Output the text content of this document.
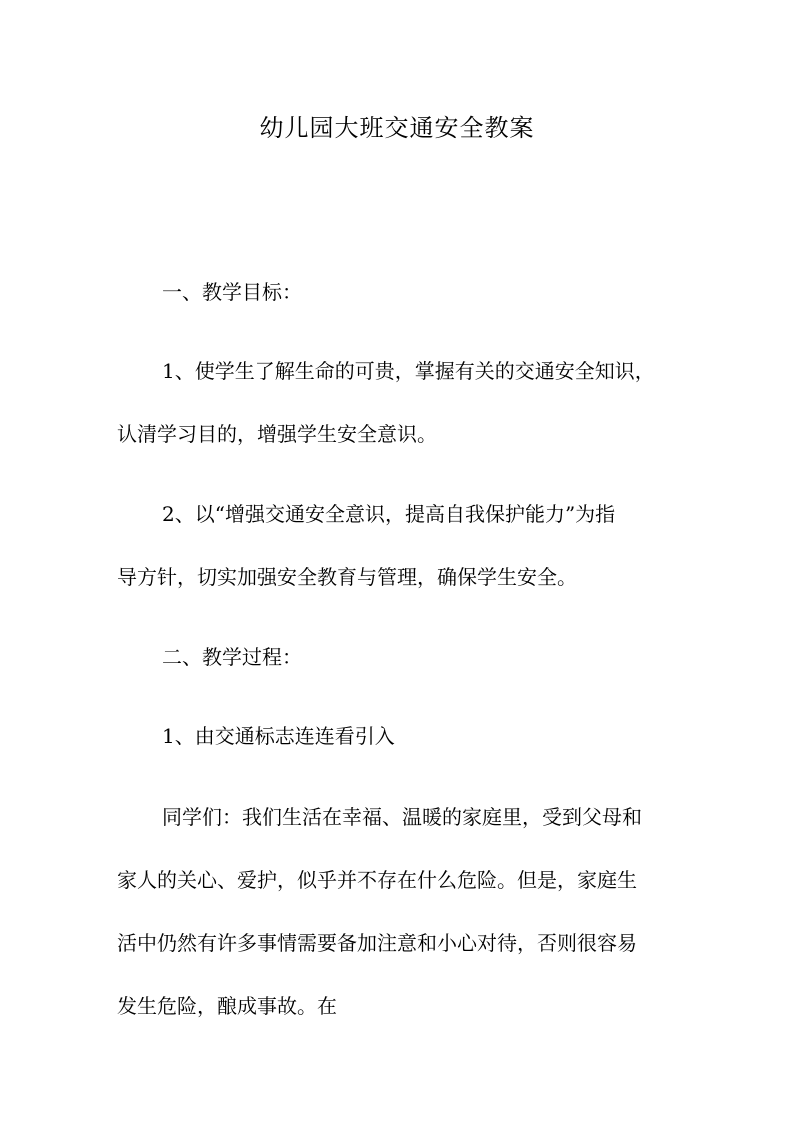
幼儿园大班交通安全教案
一、教学目标：
1、使学生了解生命的可贵，掌握有关的交通安全知识，
认清学习目的，增强学生安全意识。
2、以“增强交通安全意识，提高自我保护能力”为指
导方针，切实加强安全教育与管理，确保学生安全。
二、教学过程：
1、由交通标志连连看引入
同学们：我们生活在幸福、温暖的家庭里，受到父母和
家人的关心、爱护，似乎并不存在什么危险。但是，家庭生
活中仍然有许多事情需要备加注意和小心对待，否则很容易
发生危险，酿成事故。在
